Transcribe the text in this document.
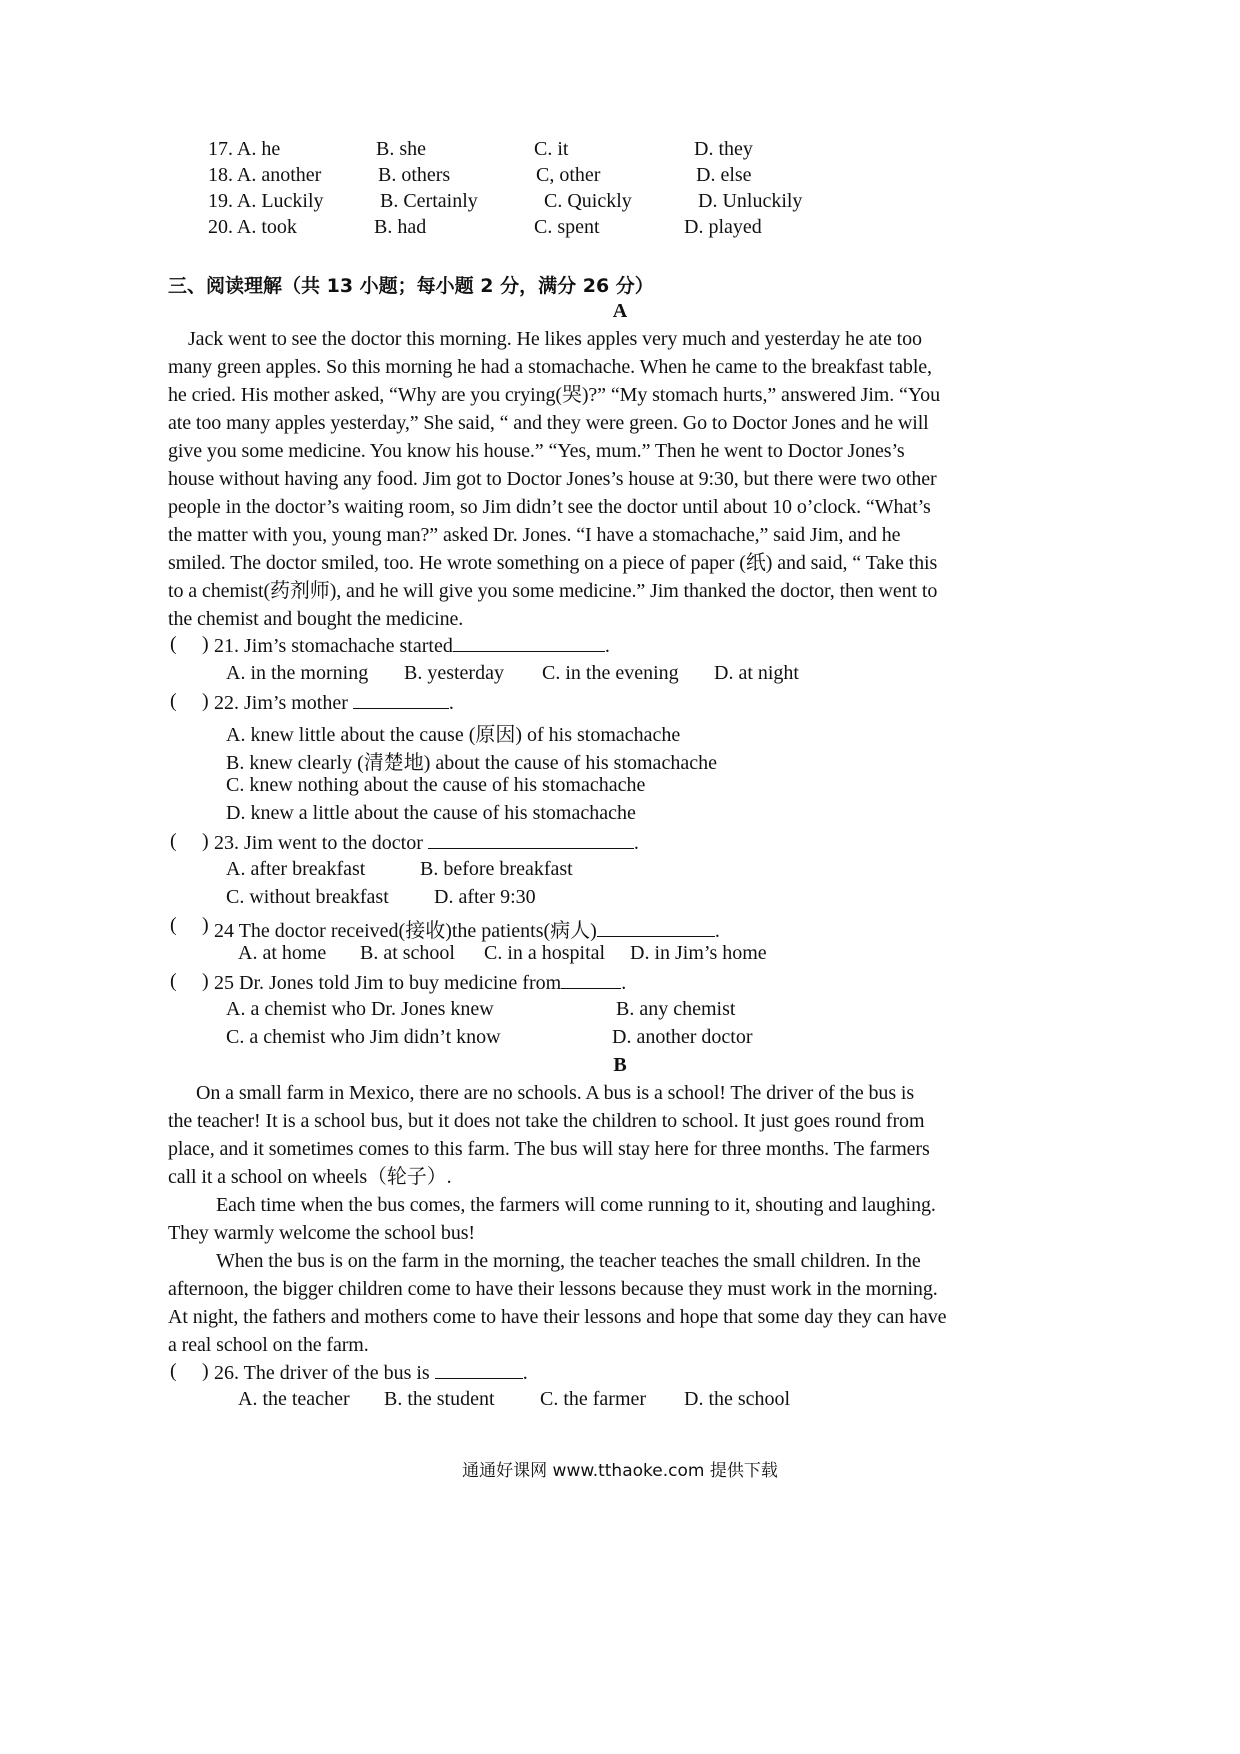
17. A. he	B. she	C. it	D. they
18. A. another	B. others	C, other	D. else
19. A. Luckily	B. Certainly	C. Quickly	D. Unluckily
20. A. took	B. had	C. spent	D. played
三、阅读理解（共 13 小题；每小题 2 分，满分 26 分）
A
Jack went to see the doctor this morning. He likes apples very much and yesterday he ate too
many green apples. So this morning he had a stomachache. When he came to the breakfast table,
he cried. His mother asked, “Why are you crying(哭)?” “My stomach hurts,” answered Jim. “You
ate too many apples yesterday,” She said, “ and they were green. Go to Doctor Jones and he will
give you some medicine. You know his house.” “Yes, mum.” Then he went to Doctor Jones’s
house without having any food. Jim got to Doctor Jones’s house at 9:30, but there were two other
people in the doctor’s waiting room, so Jim didn’t see the doctor until about 10 o’clock. “What’s
the matter with you, young man?” asked Dr. Jones. “I have a stomachache,” said Jim, and he
smiled. The doctor smiled, too. He wrote something on a piece of paper (纸) and said, “ Take this
to a chemist(药剂师), and he will give you some medicine.” Jim thanked the doctor, then went to
the chemist and bought the medicine.
( ) 21. Jim’s stomachache started	.
A. in the morning B. yesterday C. in the evening D. at night
( ) 22. Jim’s mother	.
A. knew little about the cause (原因) of his stomachache
B. knew clearly (清楚地) about the cause of his stomachache
C. knew nothing about the cause of his stomachache
D. knew a little about the cause of his stomachache
( ) 23. Jim went to the doctor	.
A. after breakfast	B. before breakfast
C. without breakfast D. after 9:30
( ) 24 The doctor received(接收)the patients(病人)	.
A. at home B. at school C. in a hospital D. in Jim’s home
( ) 25 Dr. Jones told Jim to buy medicine from	.
A. a chemist who Dr. Jones knew	B. any chemist
C. a chemist who Jim didn’t know	D. another doctor
B
On a small farm in Mexico, there are no schools. A bus is a school! The driver of the bus is
the teacher! It is a school bus, but it does not take the children to school. It just goes round from
place, and it sometimes comes to this farm. The bus will stay here for three months. The farmers
call it a school on wheels（轮子）.
Each time when the bus comes, the farmers will come running to it, shouting and laughing.
They warmly welcome the school bus!
When the bus is on the farm in the morning, the teacher teaches the small children. In the
afternoon, the bigger children come to have their lessons because they must work in the morning.
At night, the fathers and mothers come to have their lessons and hope that some day they can have
a real school on the farm.
( ) 26. The driver of the bus is	.
A. the teacher B. the student C. the farmer D. the school
通通好课网 www.tthaoke.com 提供下载
